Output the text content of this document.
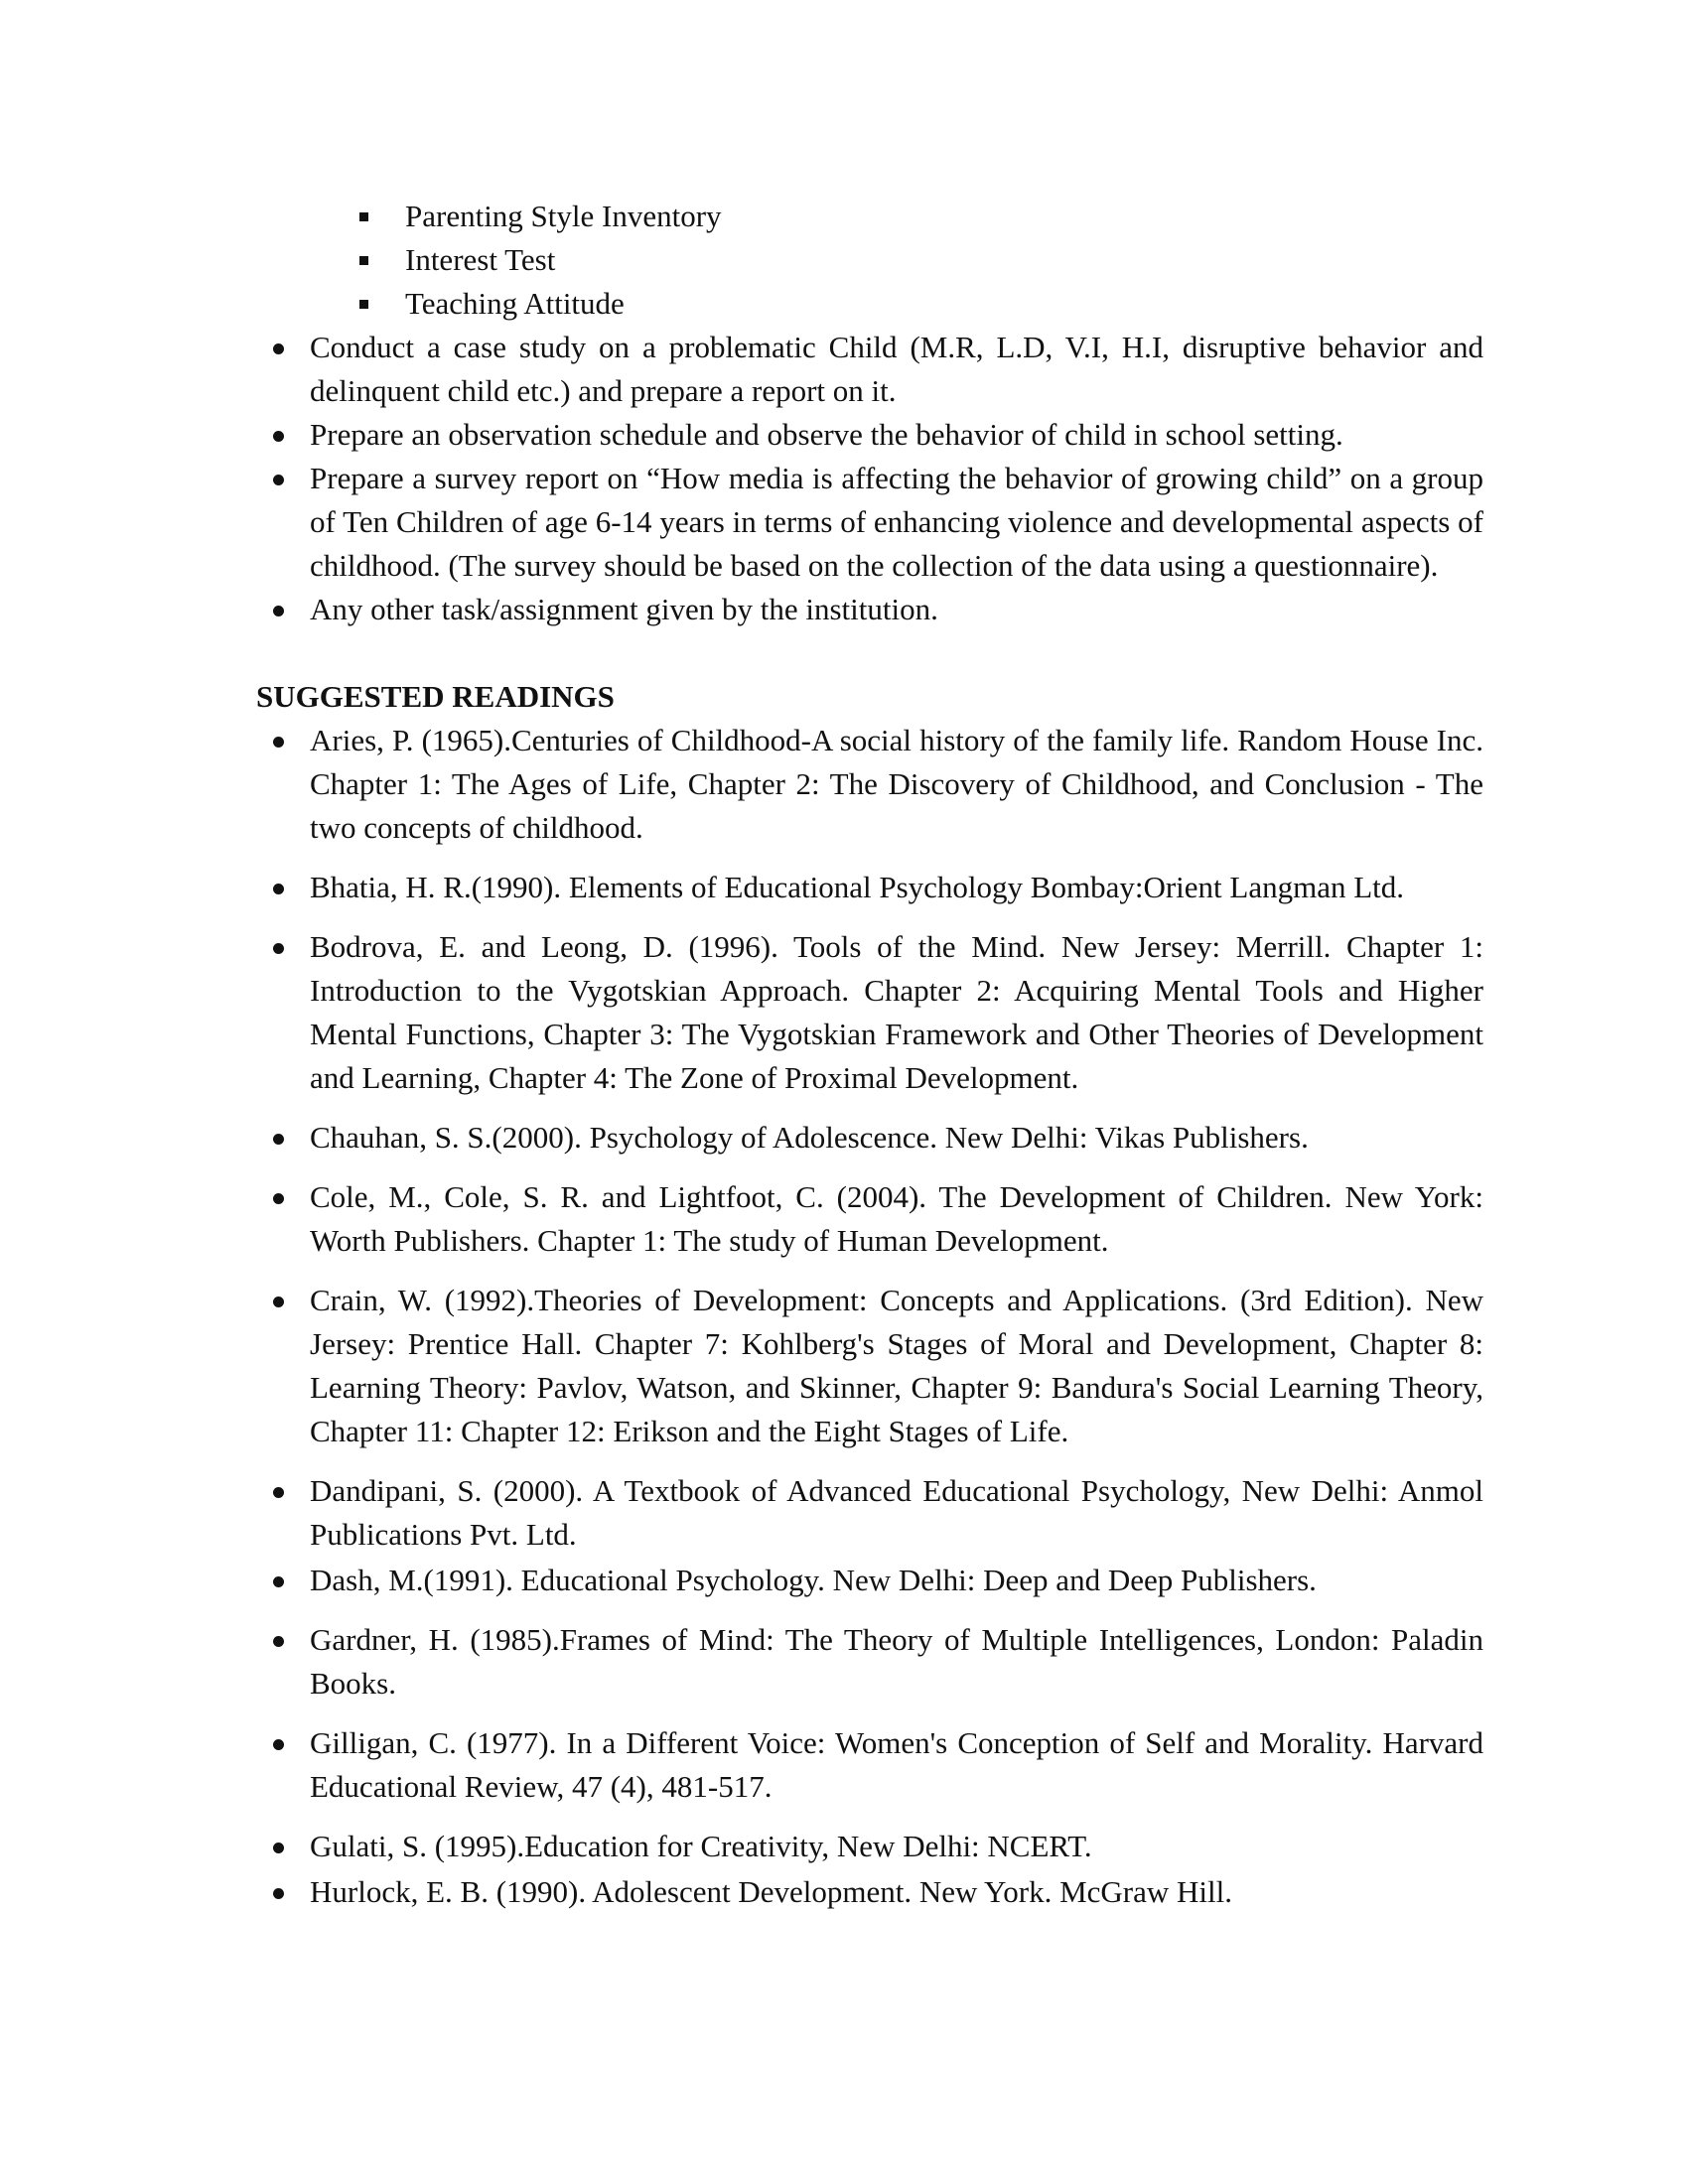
Parenting Style Inventory
Interest Test
Teaching Attitude
Conduct a case study on a problematic Child (M.R, L.D, V.I, H.I, disruptive behavior and delinquent child etc.) and prepare a report on it.
Prepare an observation schedule and observe the behavior of child in school setting.
Prepare a survey report on “How media is affecting the behavior of growing child” on a group of Ten Children of age 6-14 years in terms of enhancing violence and developmental aspects of childhood. (The survey should be based on the collection of the data using a questionnaire).
Any other task/assignment given by the institution.
SUGGESTED READINGS
Aries, P. (1965).Centuries of Childhood-A social history of the family life. Random House Inc. Chapter 1: The Ages of Life, Chapter 2: The Discovery of Childhood, and Conclusion - The two concepts of childhood.
Bhatia, H. R.(1990). Elements of Educational Psychology Bombay:Orient Langman Ltd.
Bodrova, E. and Leong, D. (1996). Tools of the Mind. New Jersey: Merrill. Chapter 1: Introduction to the Vygotskian Approach. Chapter 2: Acquiring Mental Tools and Higher Mental Functions, Chapter 3: The Vygotskian Framework and Other Theories of Development and Learning, Chapter 4: The Zone of Proximal Development.
Chauhan, S. S.(2000). Psychology of Adolescence. New Delhi: Vikas Publishers.
Cole, M., Cole, S. R. and Lightfoot, C. (2004). The Development of Children. New York: Worth Publishers. Chapter 1: The study of Human Development.
Crain, W. (1992).Theories of Development: Concepts and Applications. (3rd Edition). New Jersey: Prentice Hall. Chapter 7: Kohlberg's Stages of Moral and Development, Chapter 8: Learning Theory: Pavlov, Watson, and Skinner, Chapter 9: Bandura's Social Learning Theory, Chapter 11: Chapter 12: Erikson and the Eight Stages of Life.
Dandipani, S. (2000). A Textbook of Advanced Educational Psychology, New Delhi: Anmol Publications Pvt. Ltd.
Dash, M.(1991). Educational Psychology. New Delhi: Deep and Deep Publishers.
Gardner, H. (1985).Frames of Mind: The Theory of Multiple Intelligences, London: Paladin Books.
Gilligan, C. (1977). In a Different Voice: Women's Conception of Self and Morality. Harvard Educational Review, 47 (4), 481-517.
Gulati, S. (1995).Education for Creativity, New Delhi: NCERT.
Hurlock, E. B. (1990). Adolescent Development. New York. McGraw Hill.
